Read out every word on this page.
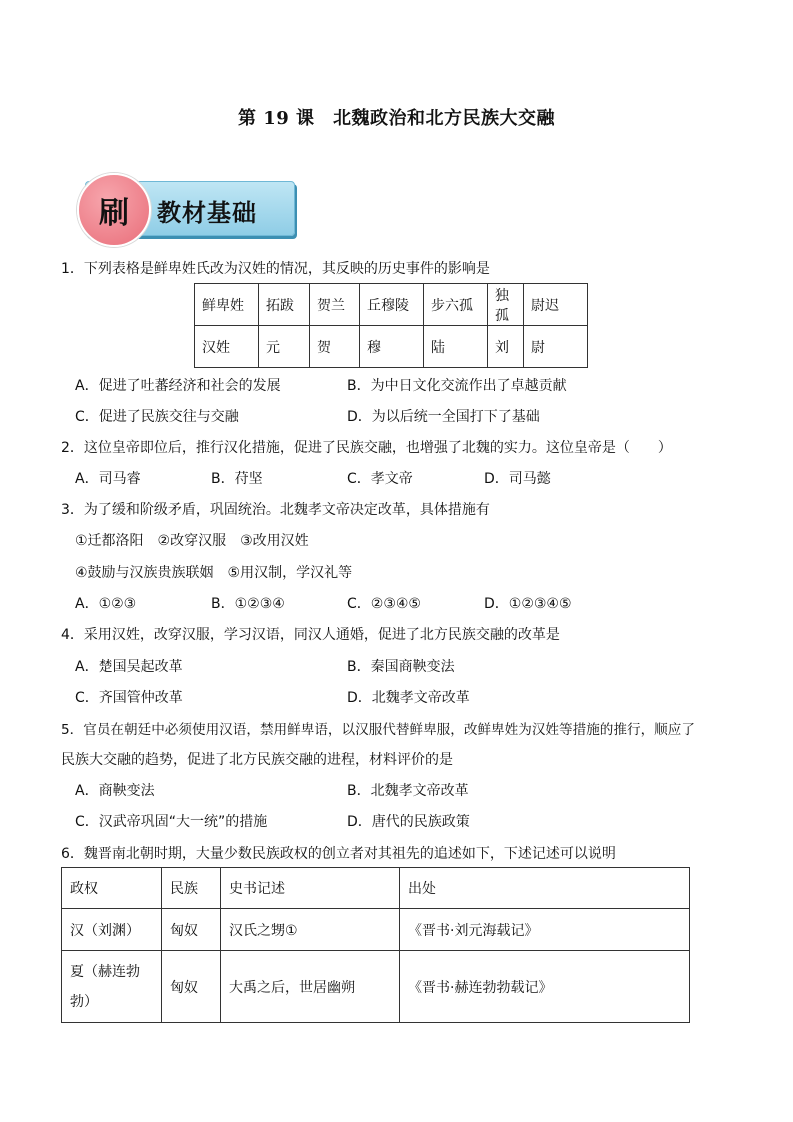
第 19 课　北魏政治和北方民族大交融
刷 教材基础
1．下列表格是鲜卑姓氏改为汉姓的情况，其反映的历史事件的影响是
鲜卑姓	拓跋	贺兰	丘穆陵	步六孤	独孤	尉迟
汉姓	元	贺	穆	陆	刘	尉
A．促进了吐蕃经济和社会的发展	B．为中日文化交流作出了卓越贡献
C．促进了民族交往与交融	D．为以后统一全国打下了基础
2．这位皇帝即位后，推行汉化措施，促进了民族交融，也增强了北魏的实力。这位皇帝是（　　）
A．司马睿	B．苻坚	C．孝文帝	D．司马懿
3．为了缓和阶级矛盾，巩固统治。北魏孝文帝决定改革，具体措施有
①迁都洛阳　②改穿汉服　③改用汉姓
④鼓励与汉族贵族联姻　⑤用汉制，学汉礼等
A．①②③	B．①②③④	C．②③④⑤	D．①②③④⑤
4．采用汉姓，改穿汉服，学习汉语，同汉人通婚，促进了北方民族交融的改革是
A．楚国吴起改革	B．秦国商鞅变法
C．齐国管仲改革	D．北魏孝文帝改革
5．官员在朝廷中必须使用汉语，禁用鲜卑语，以汉服代替鲜卑服，改鲜卑姓为汉姓等措施的推行，顺应了
民族大交融的趋势，促进了北方民族交融的进程，材料评价的是
A．商鞅变法	B．北魏孝文帝改革
C．汉武帝巩固“大一统”的措施	D．唐代的民族政策
6．魏晋南北朝时期，大量少数民族政权的创立者对其祖先的追述如下，下述记述可以说明
政权	民族	史书记述	出处
汉（刘渊）	匈奴	汉氏之甥①	《晋书·刘元海载记》
夏（赫连勃勃）	匈奴	大禹之后，世居幽朔	《晋书·赫连勃勃载记》
